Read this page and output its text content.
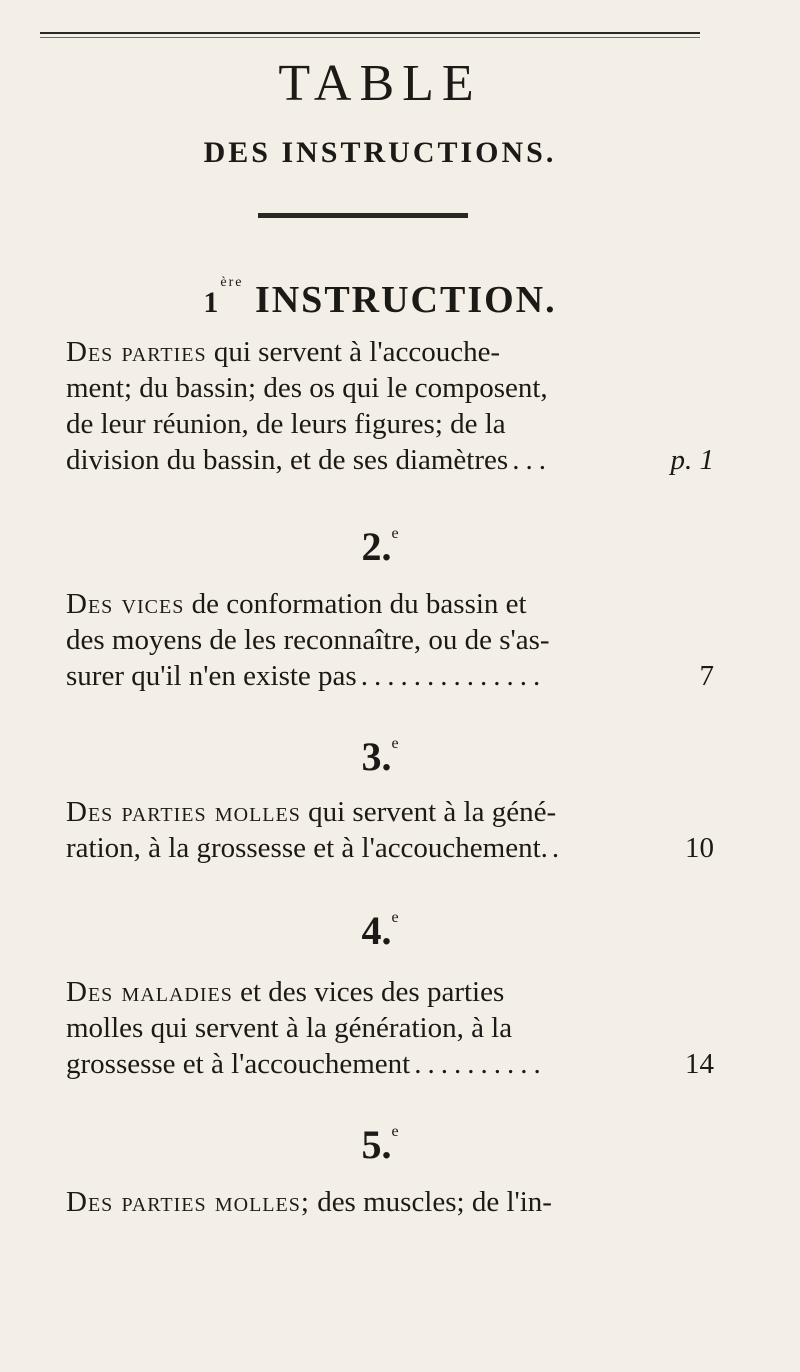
TABLE
DES INSTRUCTIONS.
1ère INSTRUCTION.
Des parties qui servent à l'accouche-
ment; du bassin; des os qui le composent,
de leur réunion, de leurs figures; de la
division du bassin, et de ses diamètres ...	p. 1
2.$^e$
Des vices de conformation du bassin et
des moyens de les reconnaître, ou de s'as-
surer qu'il n'en existe pas ..............	7
3.$^e$
Des parties molles qui servent à la géné-
ration, à la grossesse et à l'accouchement. .	10
4.$^e$
Des maladies et des vices des parties
molles qui servent à la génération, à la
grossesse et à l'accouchement ..........	14
5.$^e$
Des parties molles; des muscles; de l'in-
